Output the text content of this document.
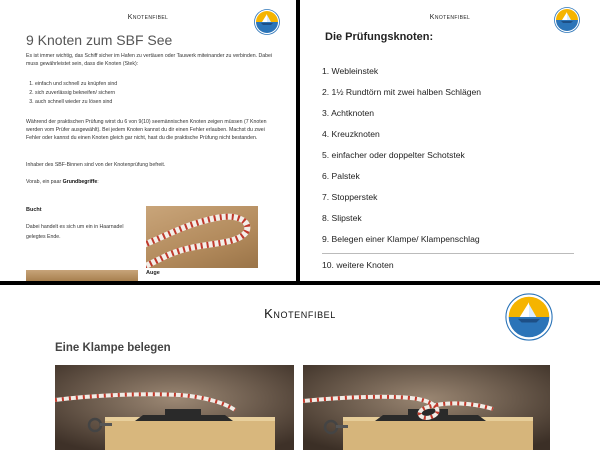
Knotenfibel
9 Knoten zum SBF See

Es ist immer wichtig, das Schiff sicher im Hafen zu vertäuen oder Tauwerk miteinander zu verbinden. Dabei muss gewährleistet sein, dass die Knoten (Stek):

1. einfach und schnell zu knüpfen sind
2. sich zuverlässig bekneifen/ sichern
3. auch schnell wieder zu lösen sind

Während der praktischen Prüfung wirst du 6 von 9(10) seemännischen Knoten zeigen müssen (7 Knoten werden vom Prüfer ausgewählt). Bei jedem Knoten kannst du dir einen Fehler erlauben. Machst du zwei Fehler oder kannst du einen Knoten gleich gar nicht, hast du die praktische Prüfung nicht bestanden.

Inhaber des SBF-Binnen sind von der Knotenprüfung befreit.

Vorab, ein paar Grundbegriffe:

Bucht
Dabei handelt es sich um ein in Haarnadel gelegtes Ende.
Auge
Knotenfibel
Die Prüfungsknoten:
1. Webleinstek
2. 1½ Rundtörn mit zwei halben Schlägen
3. Achtknoten
4. Kreuzknoten
5. einfacher oder doppelter Schotstek
6. Palstek
7. Stopperstek
8. Slipstek
9. Belegen einer Klampe/ Klampenschlag
10. weitere Knoten
Knotenfibel
Eine Klampe belegen
